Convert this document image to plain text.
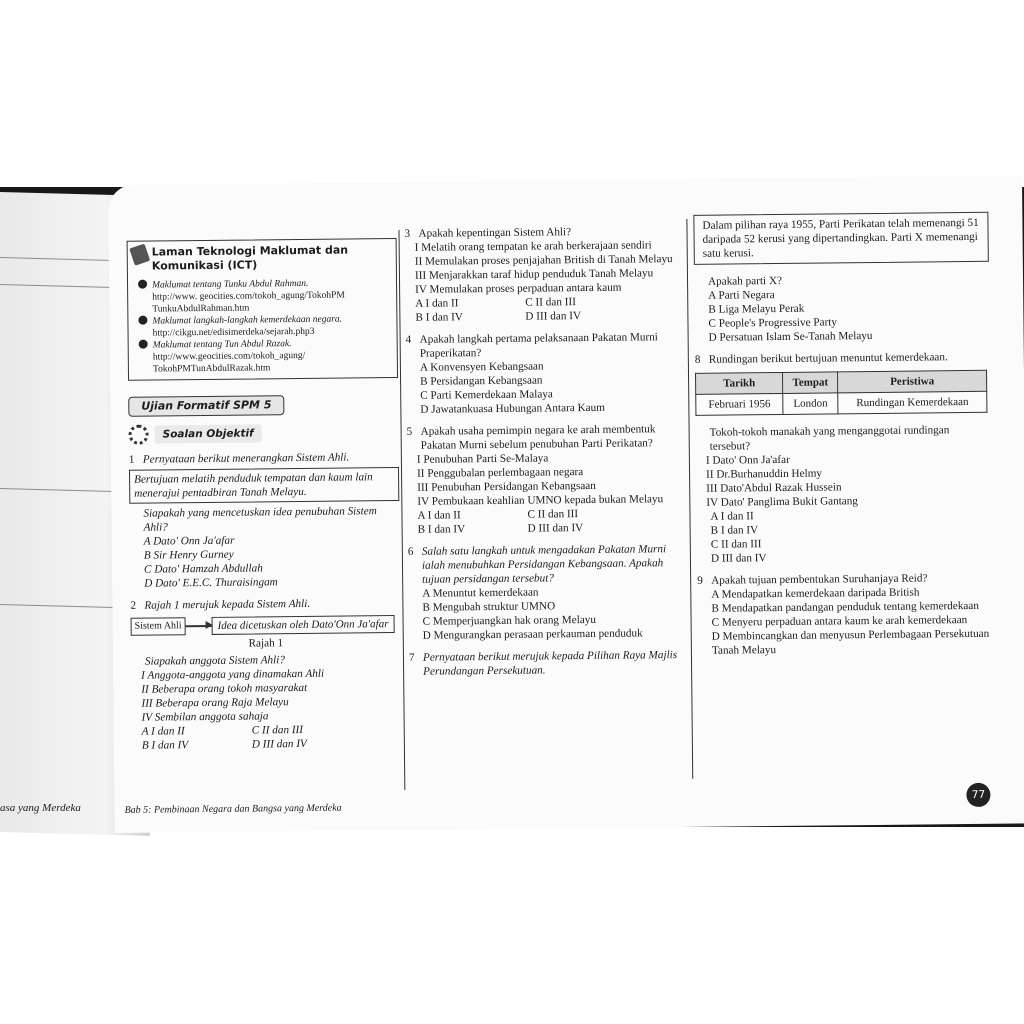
asa yang Merdeka
Laman Teknologi Maklumat dan Komunikasi (ICT)

Maklumat tentang Tunku Abdul Rahman.

http://www. geocities.com/tokoh_agung/TokohPM TunkuAbdulRahman.htm

Maklumat langkah-langkah kemerdekaan negara.

http://cikgu.net/edisimerdeka/sejarah.php3

Maklumat tentang Tun Abdul Razak.

http://www.geocities.com/tokoh_agung/ TokohPMTunAbdulRazak.htm

Ujian Formatif SPM 5
Soalan Objektif
1 Pernyataan berikut menerangkan Sistem Ahli.
Bertujuan melatih penduduk tempatan dan kaum lain menerajui pentadbiran Tanah Melayu.
Siapakah yang mencetuskan idea penubuhan Sistem Ahli?
A Dato' Onn Ja'afar
B Sir Henry Gurney
C Dato' Hamzah Abdullah
D Dato' E.E.C. Thuraisingam
2 Rajah 1 merujuk kepada Sistem Ahli.
Sistem Ahli	Idea dicetuskan oleh Dato'Onn Ja'afar
Rajah 1
Siapakah anggota Sistem Ahli?
I Anggota-anggota yang dinamakan Ahli
II Beberapa orang tokoh masyarakat
III Beberapa orang Raja Melayu
IV Sembilan anggota sahaja
A I dan II	C II dan III
B I dan IV	D III dan IV
3 Apakah kepentingan Sistem Ahli?
I Melatih orang tempatan ke arah berkerajaan sendiri
II Memulakan proses penjajahan British di Tanah Melayu
III Menjarakkan taraf hidup penduduk Tanah Melayu
IV Memulakan proses perpaduan antara kaum
A I dan II	C II dan III
B I dan IV	D III dan IV
4 Apakah langkah pertama pelaksanaan Pakatan Murni Praperikatan?
A Konvensyen Kebangsaan
B Persidangan Kebangsaan
C Parti Kemerdekaan Malaya
D Jawatankuasa Hubungan Antara Kaum
5 Apakah usaha pemimpin negara ke arah membentuk Pakatan Murni sebelum penubuhan Parti Perikatan?
I Penubuhan Parti Se-Malaya
II Penggubalan perlembagaan negara
III Penubuhan Persidangan Kebangsaan
IV Pembukaan keahlian UMNO kepada bukan Melayu
A I dan II	C II dan III
B I dan IV	D III dan IV
6 Salah satu langkah untuk mengadakan Pakatan Murni ialah menubuhkan Persidangan Kebangsaan. Apakah tujuan persidangan tersebut?
A Menuntut kemerdekaan
B Mengubah struktur UMNO
C Memperjuangkan hak orang Melayu
D Mengurangkan perasaan perkauman penduduk
7 Pernyataan berikut merujuk kepada Pilihan Raya Majlis Perundangan Persekutuan.
Dalam pilihan raya 1955, Parti Perikatan telah memenangi 51 daripada 52 kerusi yang dipertandingkan. Parti X memenangi satu kerusi.
Apakah parti X?
A Parti Negara
B Liga Melayu Perak
C People's Progressive Party
D Persatuan Islam Se-Tanah Melayu
8 Rundingan berikut bertujuan menuntut kemerdekaan.
Tarikh	Tempat	Peristiwa
Februari 1956	London	Rundingan Kemerdekaan
Tokoh-tokoh manakah yang menganggotai rundingan tersebut?
I Dato' Onn Ja'afar
II Dr.Burhanuddin Helmy
III Dato'Abdul Razak Hussein
IV Dato' Panglima Bukit Gantang
A I dan II
B I dan IV
C II dan III
D III dan IV
9 Apakah tujuan pembentukan Suruhanjaya Reid?
A Mendapatkan kemerdekaan daripada British
B Mendapatkan pandangan penduduk tentang kemerdekaan
C Menyeru perpaduan antara kaum ke arah kemerdekaan
D Membincangkan dan menyusun Perlembagaan Persekutuan Tanah Melayu
Bab 5: Pembinaan Negara dan Bangsa yang Merdeka
77
